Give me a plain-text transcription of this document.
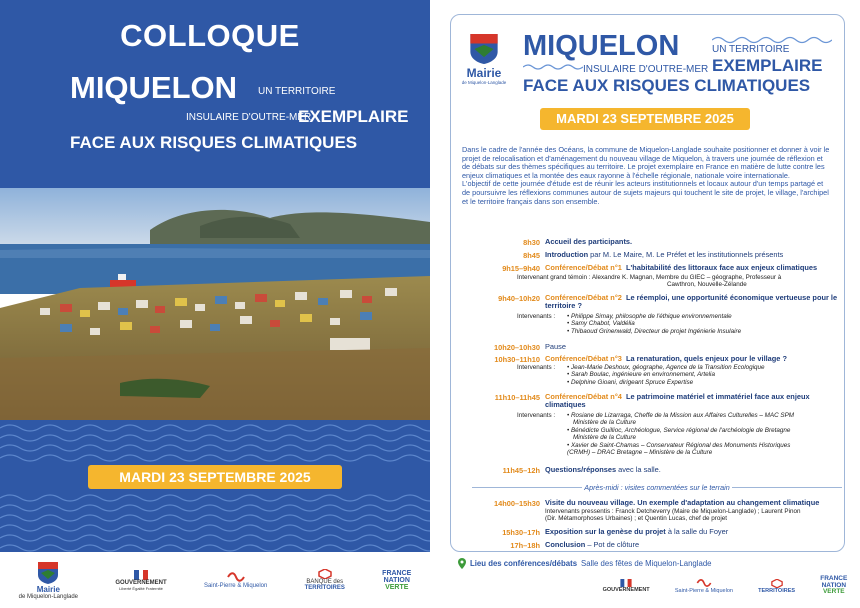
COLLOQUE
MIQUELON UN TERRITOIRE
INSULAIRE D'OUTRE-MER
EXEMPLAIRE
FACE AUX RISQUES CLIMATIQUES
MARDI 23 SEPTEMBRE 2025
Mairie
de Miquelon-Langlade
GOUVERNEMENT
Liberté Égalité Fraternité	Saint-Pierre & Miquelon
BANQUE des
TERRITOIRES
FRANCE
NATION
VERTE
Mairie
de Miquelon-Langlade
MIQUELON	UN TERRITOIRE
INSULAIRE D'OUTRE-MER EXEMPLAIRE
FACE AUX RISQUES CLIMATIQUES
MARDI 23 SEPTEMBRE 2025

Dans le cadre de l'année des Océans, la commune de Miquelon-Langlade souhaite positionner et donner à voir le projet de relocalisation et d'aménagement du nouveau village de Miquelon, à travers une journée de réflexion et de débats sur des thèmes spécifiques au territoire. Le projet exemplaire en France en matière de lutte contre les enjeux climatiques et la montée des eaux rayonne à l'échelle régionale, nationale voire internationale.

L'objectif de cette journée d'étude est de réunir les acteurs institutionnels et locaux autour d'un temps partagé et de poursuivre les réflexions communes autour de sujets majeurs qui touchent le site de projet, le village, l'archipel et le territoire français dans son ensemble.

8h30 Accueil des participants.
8h45 Introduction par M. Le Maire, M. Le Préfet et les institutionnels présents
9h15–9h40 Conférence/Débat n°1 L'habitabilité des littoraux face aux enjeux climatiques
Intervenant grand témoin : Alexandre K. Magnan, Membre du GIEC – géographe, Professeur à
Cawthron, Nouvelle-Zélande
9h40–10h20 Conférence/Débat n°2 Le réemploi, une opportunité économique vertueuse pour le territoire ?
Intervenants : • Philippe Simay, philosophe de l'éthique environnementale
• Samy Chabot, Valdélia
• Thibaoud Grinenwald, Directeur de projet Ingénierie Insulaire
10h20–10h30 Pause
10h30–11h10 Conférence/Débat n°3 La renaturation, quels enjeux pour le village ?
Intervenants : • Jean-Marie Deshoux, géographe, Agence de la Transition Ecologique
• Sarah Boulac, ingénieure en environnement, Artelia
• Delphine Gioani, dirigeant Spruce Expertise
11h10–11h45 Conférence/Débat n°4 Le patrimoine matériel et immatériel face aux enjeux climatiques
Intervenants : • Rosiane de Lizarraga, Cheffe de la Mission aux Affaires Culturelles – MAC SPM
Ministère de la Culture
• Bénédicte Guillioc, Archéologue, Service régional de l'archéologie de Bretagne
Ministère de la Culture
• Xavier de Saint-Chamas – Conservateur Régional des Monuments Historiques
(CRMH) – DRAC Bretagne – Ministère de la Culture
11h45–12h Questions/réponses avec la salle.
Après-midi : visites commentées sur le terrain
14h00–15h30 Visite du nouveau village. Un exemple d'adaptation au changement climatique
Intervenants pressentis : Franck Detcheverry (Maire de Miquelon-Langlade) ; Laurent Pinon
(Dir. Métamorphoses Urbaines) ; et Quentin Lucas, chef de projet
15h30–17h Exposition sur la genèse du projet à la salle du Foyer
17h–18h Conclusion – Pot de clôture
Lieu des conférences/débats Salle des fêtes de Miquelon-Langlade
GOUVERNEMENT	Saint-Pierre & Miquelon	TERRITOIRES
FRANCE
NATION
VERTE
